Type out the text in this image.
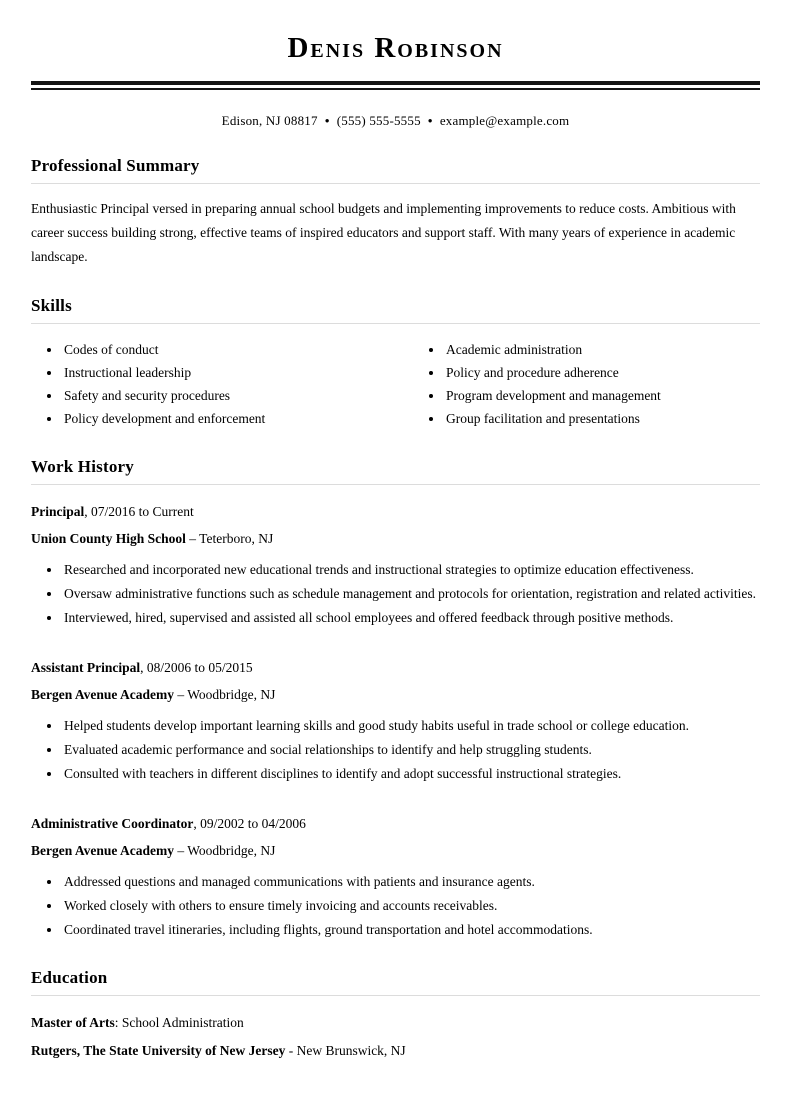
Denis Robinson
Edison, NJ 08817 ● (555) 555-5555 ● example@example.com
Professional Summary

Enthusiastic Principal versed in preparing annual school budgets and implementing improvements to reduce costs. Ambitious with career success building strong, effective teams of inspired educators and support staff. With many years of experience in academic landscape.

Skills
• Codes of conduct
• Instructional leadership
• Safety and security procedures
• Policy development and enforcement
• Academic administration
• Policy and procedure adherence
• Program development and management
• Group facilitation and presentations
Work History

Principal, 07/2016 to Current

Union County High School – Teterboro, NJ

• Researched and incorporated new educational trends and instructional strategies to optimize education effectiveness.
• Oversaw administrative functions such as schedule management and protocols for orientation, registration and related activities.
• Interviewed, hired, supervised and assisted all school employees and offered feedback through positive methods.

Assistant Principal, 08/2006 to 05/2015

Bergen Avenue Academy – Woodbridge, NJ

• Helped students develop important learning skills and good study habits useful in trade school or college education.
• Evaluated academic performance and social relationships to identify and help struggling students.
• Consulted with teachers in different disciplines to identify and adopt successful instructional strategies.

Administrative Coordinator, 09/2002 to 04/2006

Bergen Avenue Academy – Woodbridge, NJ

• Addressed questions and managed communications with patients and insurance agents.
• Worked closely with others to ensure timely invoicing and accounts receivables.
• Coordinated travel itineraries, including flights, ground transportation and hotel accommodations.
Education

Master of Arts: School Administration

Rutgers, The State University of New Jersey - New Brunswick, NJ
